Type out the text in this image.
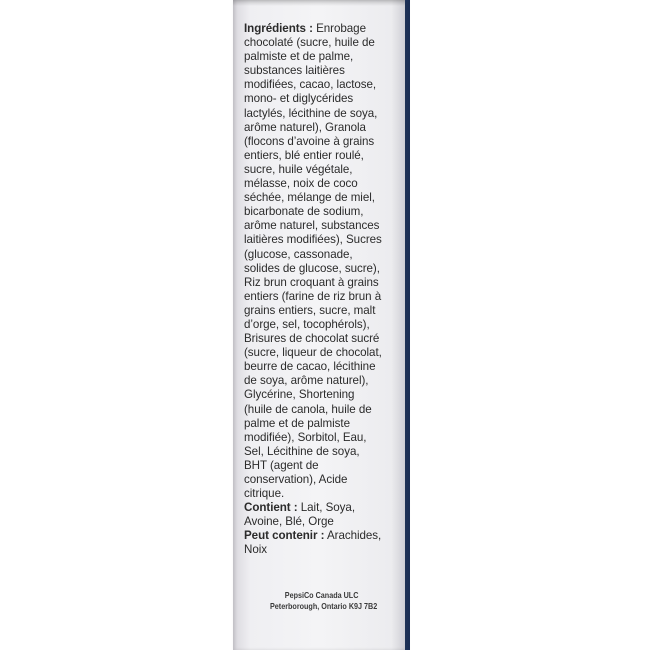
Ingrédients : Enrobage

chocolaté (sucre, huile de

palmiste et de palme,

substances laitières

modifiées, cacao, lactose,

mono- et diglycérides

lactylés, lécithine de soya,

arôme naturel), Granola

(flocons d’avoine à grains

entiers, blé entier roulé,

sucre, huile végétale,

mélasse, noix de coco

séchée, mélange de miel,

bicarbonate de sodium,

arôme naturel, substances

laitières modifiées), Sucres

(glucose, cassonade,

solides de glucose, sucre),

Riz brun croquant à grains

entiers (farine de riz brun à

grains entiers, sucre, malt

d’orge, sel, tocophérols),

Brisures de chocolat sucré

(sucre, liqueur de chocolat,

beurre de cacao, lécithine

de soya, arôme naturel),

Glycérine, Shortening

(huile de canola, huile de

palme et de palmiste

modifiée), Sorbitol, Eau,

Sel, Lécithine de soya,

BHT (agent de

conservation), Acide

citrique.

Contient : Lait, Soya,

Avoine, Blé, Orge

Peut contenir : Arachides,

Noix

PepsiCo Canada ULC
Peterborough, Ontario K9J 7B2
